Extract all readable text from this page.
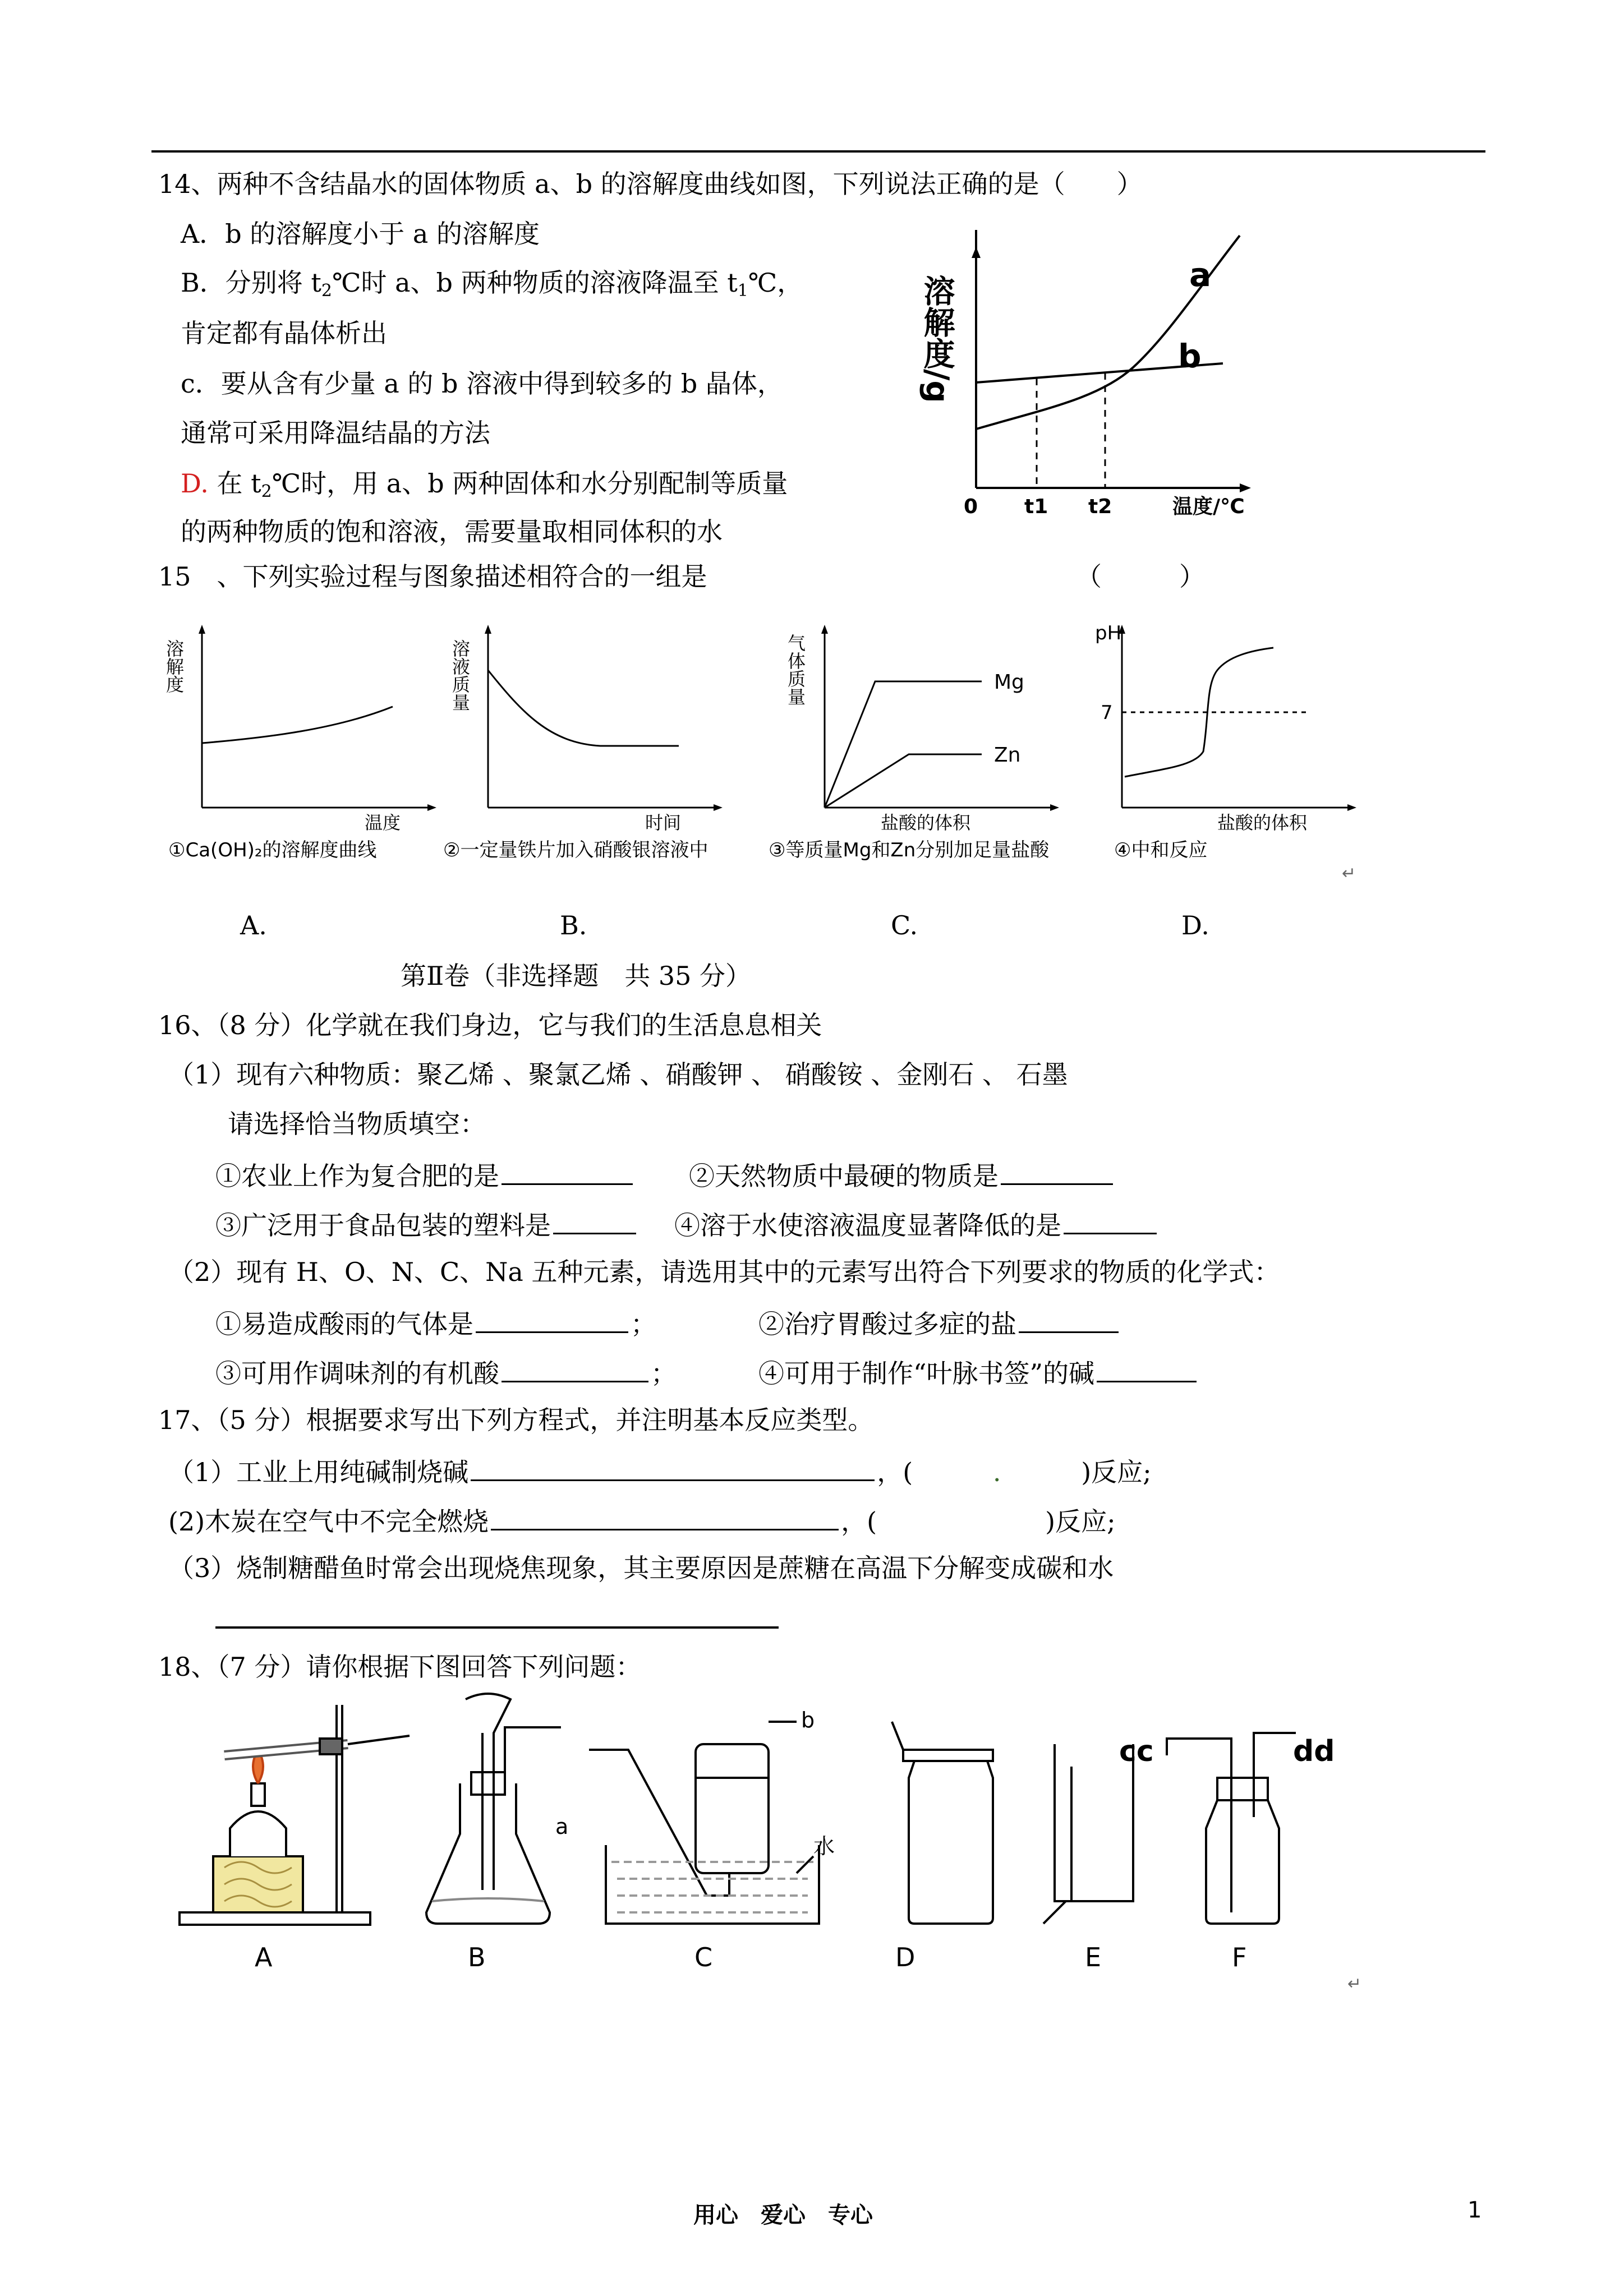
14、两种不含结晶水的固体物质 a、b 的溶解度曲线如图，下列说法正确的是（　　）
A．b 的溶解度小于 a 的溶解度
B．分别将 $t_2℃$时 a、b 两种物质的溶液降温至 $t_1℃$，
肯定都有晶体析出
c．要从含有少量 a 的 b 溶液中得到较多的 b 晶体，
通常可采用降温结晶的方法
D. 在 $t_2℃$时，用 a、b 两种固体和水分别配制等质量
的两种物质的饱和溶液，需要量取相同体积的水
a
b
0 t1 t2	温度/℃
溶解度/g
15　、下列实验过程与图象描述相符合的一组是	（　　　）
溶解度
温度
①Ca(OH)₂的溶解度曲线
溶液质量
时间
②一定量铁片加入硝酸银溶液中
Mg
Zn
气体质量
盐酸的体积
③等质量Mg和Zn分别加足量盐酸
pH
7
盐酸的体积
④中和反应
↵
A.	B.	C.	D.
第Ⅱ卷（非选择题　共 35 分）
16、（8 分）化学就在我们身边，它与我们的生活息息相关
（1）现有六种物质：聚乙烯 、聚氯乙烯 、硝酸钾 、 硝酸铵 、金刚石 、 石墨
请选择恰当物质填空：
①农业上作为复合肥的是	②天然物质中最硬的物质是
③广泛用于食品包装的塑料是	④溶于水使溶液温度显著降低的是
（2）现有 H、O、N、C、Na 五种元素，请选用其中的元素写出符合下列要求的物质的化学式：
①易造成酸雨的气体是	；	②治疗胃酸过多症的盐
③可用作调味剂的有机酸	；	④可用于制作“叶脉书签”的碱
17、（5 分）根据要求写出下列方程式，并注明基本反应类型。
（1）工业上用纯碱制烧碱	，(	.	)反应;
(2)木炭在空气中不完全燃烧	，(	)反应;
（3）烧制糖醋鱼时常会出现烧焦现象，其主要原因是蔗糖在高温下分解变成碳和水
18、（7 分）请你根据下图回答下列问题：
a
b
水
cc	dd
A	B	C	D	E	F
↵
用心　爱心　专心	1
